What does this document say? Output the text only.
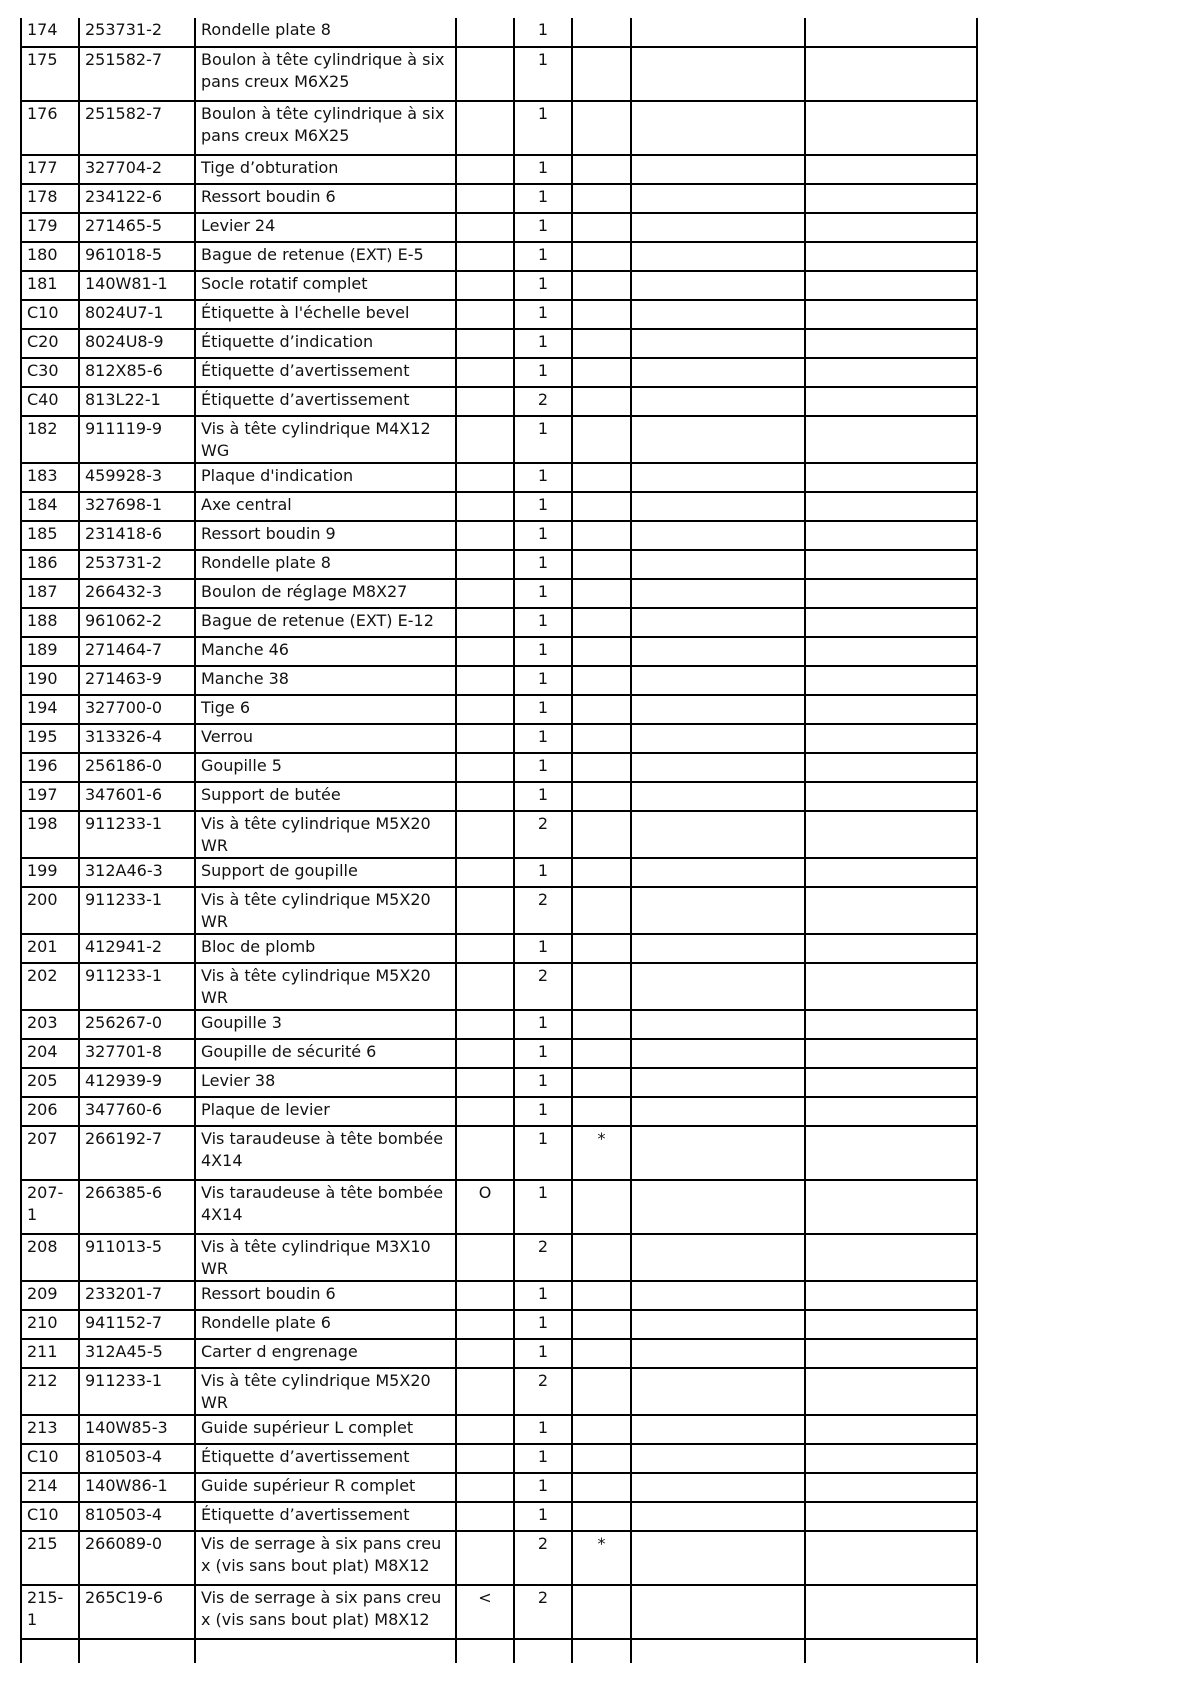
174	253731-2	Rondelle plate 8		1			
175	251582-7	Boulon à tête cylindrique à six pans creux M6X25		1			
176	251582-7	Boulon à tête cylindrique à six pans creux M6X25		1			
177	327704-2	Tige d’obturation		1			
178	234122-6	Ressort boudin 6		1			
179	271465-5	Levier 24		1			
180	961018-5	Bague de retenue (EXT) E-5		1			
181	140W81-1	Socle rotatif complet		1			
C10	8024U7-1	Étiquette à l'échelle bevel		1			
C20	8024U8-9	Étiquette d’indication		1			
C30	812X85-6	Étiquette d’avertissement		1			
C40	813L22-1	Étiquette d’avertissement		2			
182	911119-9	Vis à tête cylindrique M4X12 WG		1			
183	459928-3	Plaque d'indication		1			
184	327698-1	Axe central		1			
185	231418-6	Ressort boudin 9		1			
186	253731-2	Rondelle plate 8		1			
187	266432-3	Boulon de réglage M8X27		1			
188	961062-2	Bague de retenue (EXT) E-12		1			
189	271464-7	Manche 46		1			
190	271463-9	Manche 38		1			
194	327700-0	Tige 6		1			
195	313326-4	Verrou		1			
196	256186-0	Goupille 5		1			
197	347601-6	Support de butée		1			
198	911233-1	Vis à tête cylindrique M5X20 WR		2			
199	312A46-3	Support de goupille		1			
200	911233-1	Vis à tête cylindrique M5X20 WR		2			
201	412941-2	Bloc de plomb		1			
202	911233-1	Vis à tête cylindrique M5X20 WR		2			
203	256267-0	Goupille 3		1			
204	327701-8	Goupille de sécurité 6		1			
205	412939-9	Levier 38		1			
206	347760-6	Plaque de levier		1			
207	266192-7	Vis taraudeuse à tête bombée 4X14		1	*		
207-1	266385-6	Vis taraudeuse à tête bombée 4X14	O	1			
208	911013-5	Vis à tête cylindrique M3X10 WR		2			
209	233201-7	Ressort boudin 6		1			
210	941152-7	Rondelle plate 6		1			
211	312A45-5	Carter d engrenage		1			
212	911233-1	Vis à tête cylindrique M5X20 WR		2			
213	140W85-3	Guide supérieur L complet		1			
C10	810503-4	Étiquette d’avertissement		1			
214	140W86-1	Guide supérieur R complet		1			
C10	810503-4	Étiquette d’avertissement		1			
215	266089-0	Vis de serrage à six pans creux (vis sans bout plat) M8X12		2	*		
215-1	265C19-6	Vis de serrage à six pans creux (vis sans bout plat) M8X12	<	2			
